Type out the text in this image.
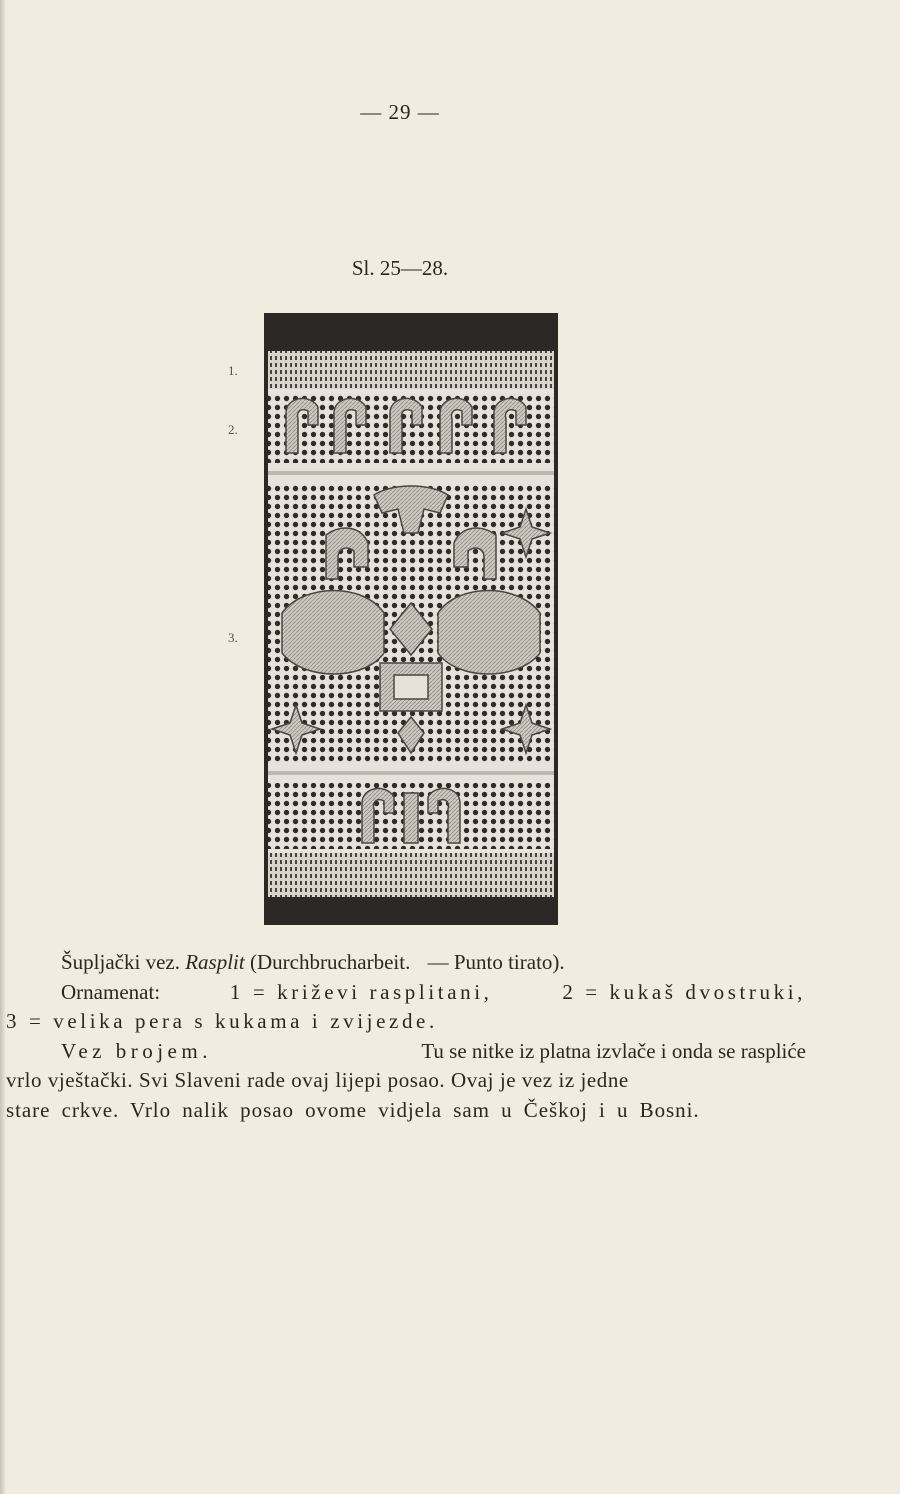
— 29 —
Sl. 25—28.
1.
2.
3.
Šupljački vez. Rasplit (Durchbrucharbeit. — Punto tirato).
Ornamenat:	1 = križevi rasplitani,	2 = kukaš dvostruki,
3 = velika pera s kukama i zvijezde.
Vez brojem.	Tu se nitke iz platna izvlače i onda se rasplićе
vrlo vještački. Svi Slaveni rade ovaj lijepi posao. Ovaj je vez iz jedne
stare crkve. Vrlo nalik posao ovome vidjela sam u Češkoj i u Bosni.
